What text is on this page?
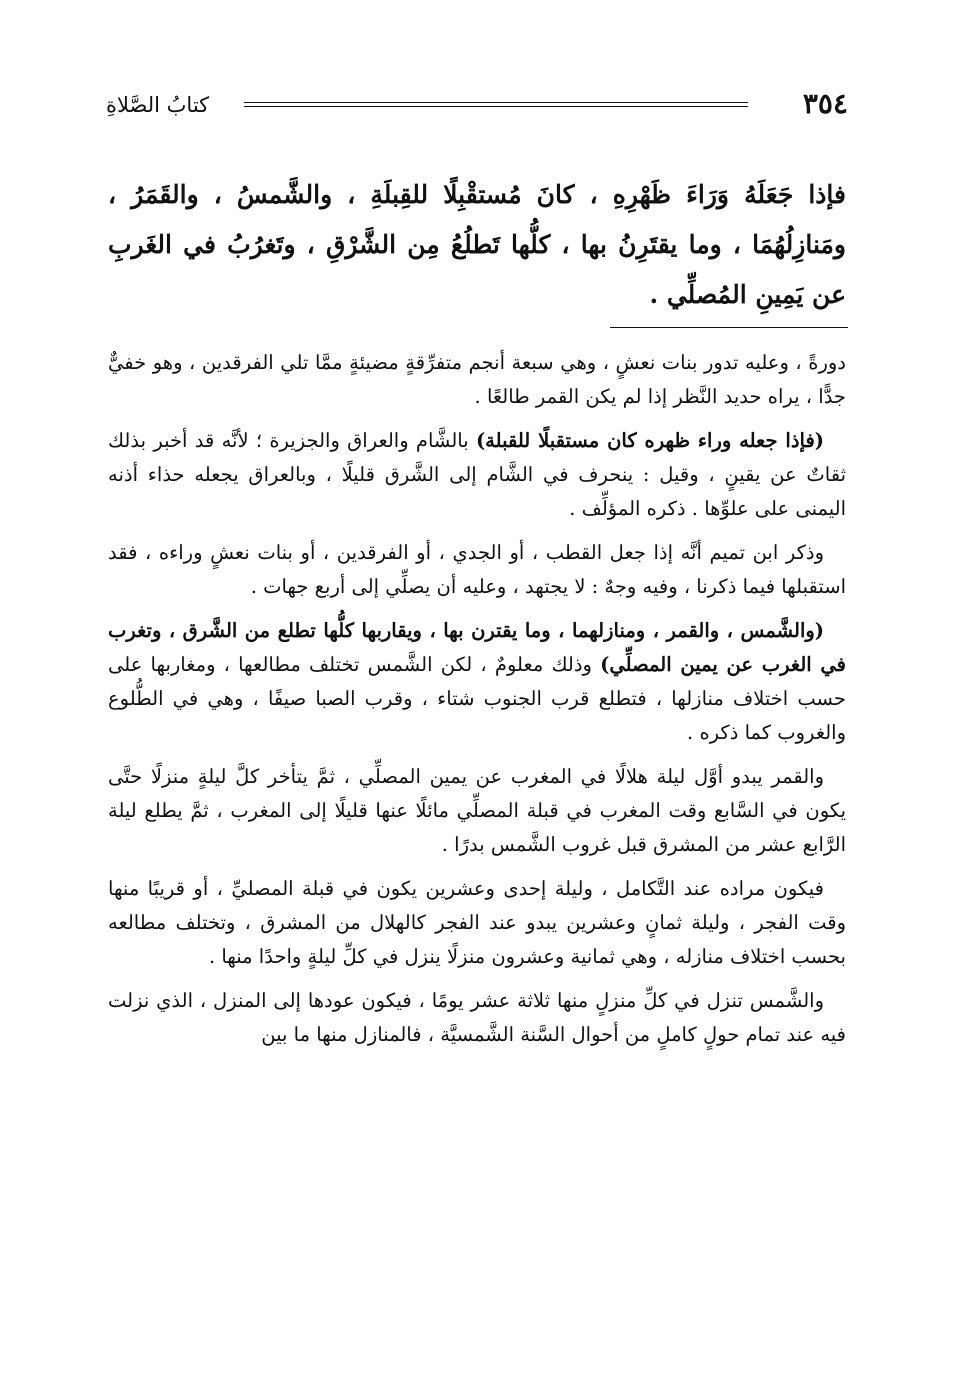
٣٥٤
كتابُ الصَّلاةِ

فإذا جَعَلَهُ وَرَاءَ ظَهْرِهِ ، كانَ مُستقْبِلًا للقِبلَةِ ، والشَّمسُ ، والقَمَرُ ، ومَنازِلُهُمَا ، وما يقتَرِنُ بها ، كلُّها تَطلُعُ مِن الشَّرْقِ ، وتَغرُبُ في الغَربِ عن يَمِينِ المُصلِّي .

دورةً ، وعليه تدور بنات نعشٍ ، وهي سبعة أنجم متفرِّقةٍ مضيئةٍ ممَّا تلي الفرقدين ، وهو خفيٌّ جدًّا ، يراه حديد النَّظر إذا لم يكن القمر طالعًا .

(فإذا جعله وراء ظهره كان مستقبلًا للقبلة) بالشَّام والعراق والجزيرة ؛ لأنَّه قد أخبر بذلك ثقاتٌ عن يقينٍ ، وقيل : ينحرف في الشَّام إلى الشَّرق قليلًا ، وبالعراق يجعله حذاء أذنه اليمنى على علوِّها . ذكره المؤلِّف .

وذكر ابن تميم أنَّه إذا جعل القطب ، أو الجدي ، أو الفرقدين ، أو بنات نعشٍ وراءه ، فقد استقبلها فيما ذكرنا ، وفيه وجهٌ : لا يجتهد ، وعليه أن يصلِّي إلى أربع جهات .

(والشَّمس ، والقمر ، ومنازلهما ، وما يقترن بها ، ويقاربها كلُّها تطلع من الشَّرق ، وتغرب في الغرب عن يمين المصلِّي) وذلك معلومٌ ، لكن الشَّمس تختلف مطالعها ، ومغاربها على حسب اختلاف منازلها ، فتطلع قرب الجنوب شتاء ، وقرب الصبا صيفًا ، وهي في الطُّلوع والغروب كما ذكره .

والقمر يبدو أوَّل ليلة هلالًا في المغرب عن يمين المصلِّي ، ثمَّ يتأخر كلَّ ليلةٍ منزلًا حتَّى يكون في السَّابع وقت المغرب في قبلة المصلِّي مائلًا عنها قليلًا إلى المغرب ، ثمَّ يطلع ليلة الرَّابع عشر من المشرق قبل غروب الشَّمس بدرًا .

فيكون مراده عند التَّكامل ، وليلة إحدى وعشرين يكون في قبلة المصليِّ ، أو قريبًا منها وقت الفجر ، وليلة ثمانٍ وعشرين يبدو عند الفجر كالهلال من المشرق ، وتختلف مطالعه بحسب اختلاف منازله ، وهي ثمانية وعشرون منزلًا ينزل في كلِّ ليلةٍ واحدًا منها .

والشَّمس تنزل في كلِّ منزلٍ منها ثلاثة عشر يومًا ، فيكون عودها إلى المنزل ، الذي نزلت فيه عند تمام حولٍ كاملٍ من أحوال السَّنة الشَّمسيَّة ، فالمنازل منها ما بين
